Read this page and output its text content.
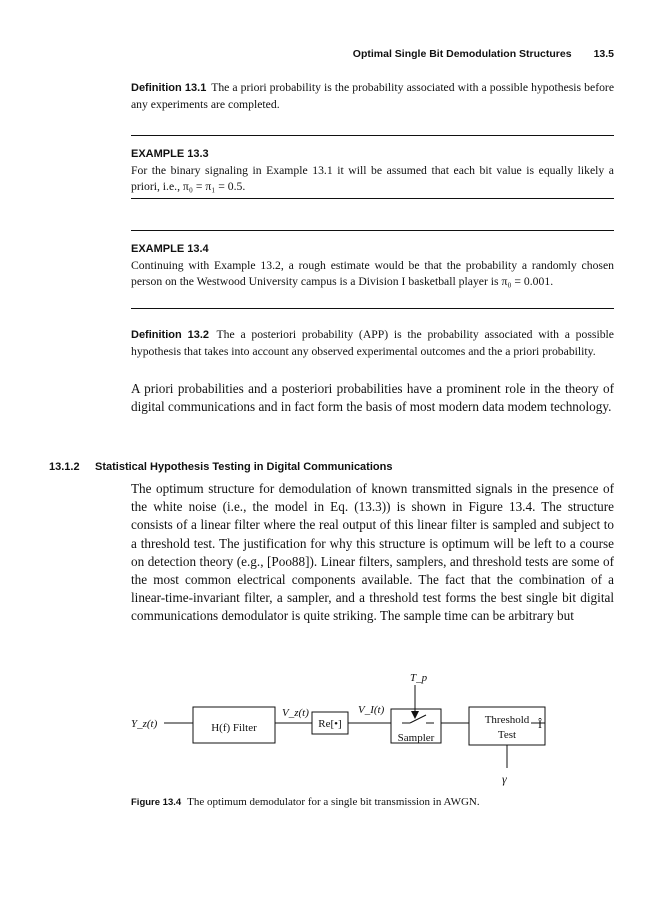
Optimal Single Bit Demodulation Structures 13.5
Definition 13.1 The a priori probability is the probability associated with a possible hypothesis before any experiments are completed.
EXAMPLE 13.3
For the binary signaling in Example 13.1 it will be assumed that each bit value is equally likely a priori, i.e., π₀ = π₁ = 0.5.
EXAMPLE 13.4
Continuing with Example 13.2, a rough estimate would be that the probability a randomly chosen person on the Westwood University campus is a Division I basketball player is π₀ = 0.001.
Definition 13.2 The a posteriori probability (APP) is the probability associated with a possible hypothesis that takes into account any observed experimental outcomes and the a priori probability.
A priori probabilities and a posteriori probabilities have a prominent role in the theory of digital communications and in fact form the basis of most modern data modem technology.
13.1.2 Statistical Hypothesis Testing in Digital Communications
The optimum structure for demodulation of known transmitted signals in the presence of the white noise (i.e., the model in Eq. (13.3)) is shown in Figure 13.4. The structure consists of a linear filter where the real output of this linear filter is sampled and subject to a threshold test. The justification for why this structure is optimum will be left to a course on detection theory (e.g., [Poo88]). Linear filters, samplers, and threshold tests are some of the most common electrical components available. The fact that the combination of a linear-time-invariant filter, a sampler, and a threshold test forms the best single bit digital communications demodulator is quite striking. The sample time can be arbitrary but
Y_z(t)
V_z(t)	V_I(t)
T_p
Î
γ
H(f) Filter	Re[•]
Sampler
Threshold
Test
Figure 13.4 The optimum demodulator for a single bit transmission in AWGN.
